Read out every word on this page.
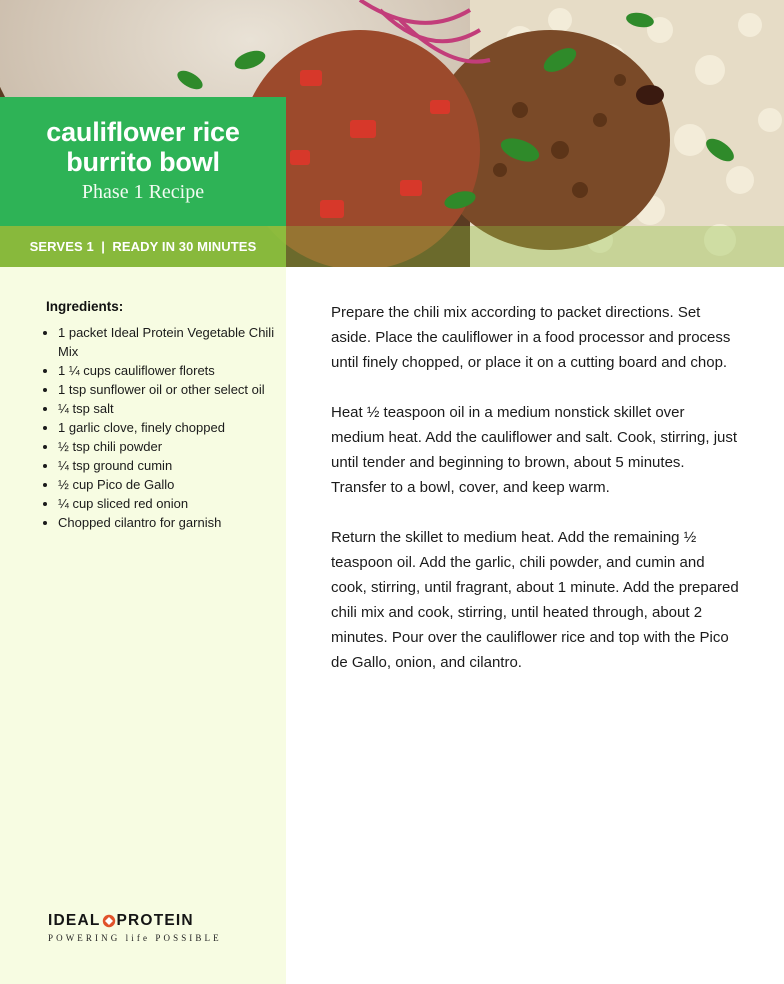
cauliflower rice
burrito bowl
Phase 1 Recipe
SERVES 1  |  READY IN 30 MINUTES
Ingredients:
• 1 packet Ideal Protein Vegetable Chili Mix
• 1 ¼ cups cauliflower florets
• 1 tsp sunflower oil or other select oil
• ¼ tsp salt
• 1 garlic clove, finely chopped
• ½ tsp chili powder
• ¼ tsp ground cumin
• ½ cup Pico de Gallo
• ¼ cup sliced red onion
• Chopped cilantro for garnish
IDEAL PROTEIN
POWERING life POSSIBLE

Prepare the chili mix according to packet directions. Set aside. Place the cauliflower in a food processor and process until finely chopped, or place it on a cutting board and chop.

Heat ½ teaspoon oil in a medium nonstick skillet over medium heat. Add the cauliflower and salt. Cook, stirring, just until tender and beginning to brown, about 5 minutes. Transfer to a bowl, cover, and keep warm.

Return the skillet to medium heat. Add the remaining ½ teaspoon oil. Add the garlic, chili powder, and cumin and cook, stirring, until fragrant, about 1 minute. Add the prepared chili mix and cook, stirring, until heated through, about 2 minutes. Pour over the cauliflower rice and top with the Pico de Gallo, onion, and cilantro.
